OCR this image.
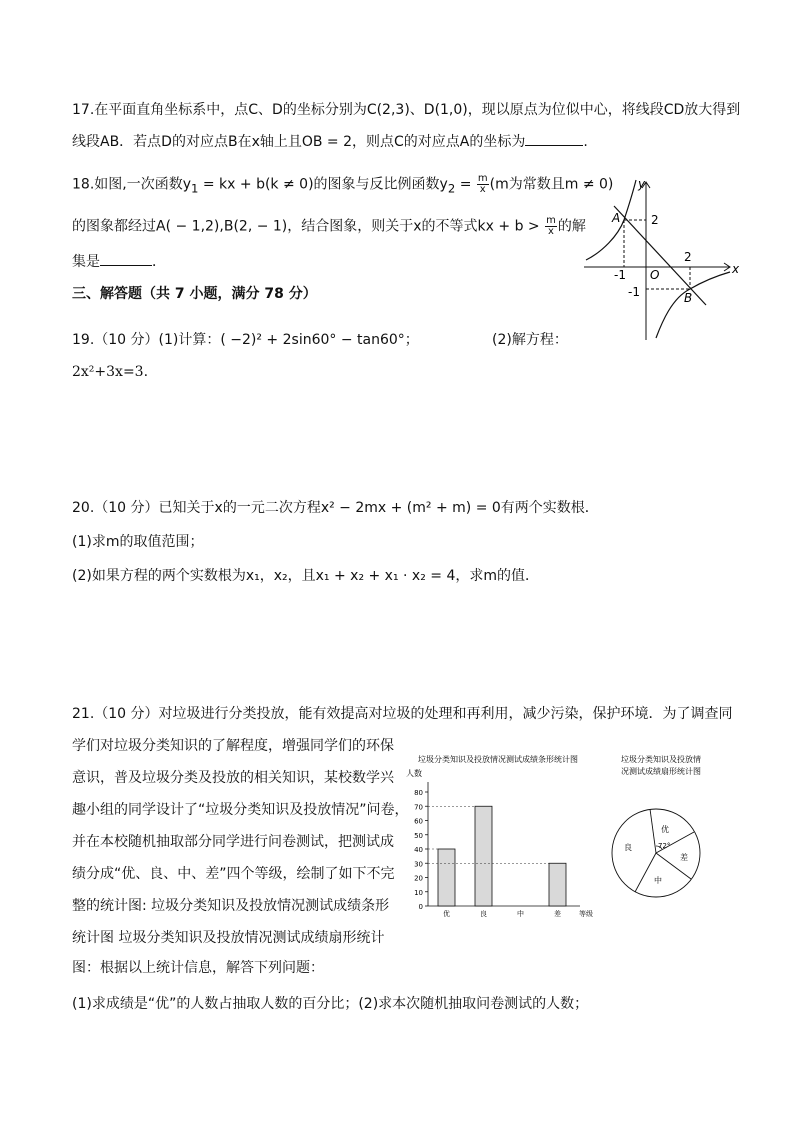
17.在平面直角坐标系中，点C、D的坐标分别为C(2,3)、D(1,0)，现以原点为位似中心，将线段CD放大得到
线段AB．若点D的对应点B在x轴上且OB = 2，则点C的对应点A的坐标为	.
18.如图,一次函数$y_1$ = kx + b(k ≠ 0)的图象与反比例函数$y_2 = \frac{m}{x} (m$为常数且m ≠ 0)
的图象都经过A( − 1,2),B(2, − 1)，结合图象，则关于x的不等式kx + $b > \frac{m}{x}$ 的解
集是	．	x
y
O
2
-1
2
-1
A
B
三、解答题（共 7 小题，满分 78 分）
19.（10 分）(1)计算：( −2)² + 2sin60° − tan60°；	(2)解方程：
2x²+3x=3.
20.（10 分）已知关于x的一元二次方程x² − 2mx + (m² + m) = 0有两个实数根．
(1)求m的取值范围；
(2)如果方程的两个实数根为x₁，x₂，且x₁ + x₂ + x₁ · x₂ = 4，求m的值．
21.（10 分）对垃圾进行分类投放，能有效提高对垃圾的处理和再利用，减少污染，保护环境．为了调查同
学们对垃圾分类知识的了解程度，增强同学们的环保
意识，普及垃圾分类及投放的相关知识，某校数学兴
趣小组的同学设计了“垃圾分类知识及投放情况”问卷，
并在本校随机抽取部分同学进行问卷测试，把测试成
绩分成“优、良、中、差”四个等级，绘制了如下不完
整的统计图: 垃圾分类知识及投放情况测试成绩条形
统计图 垃圾分类知识及投放情况测试成绩扇形统计
图：根据以上统计信息，解答下列问题：
(1)求成绩是“优”的人数占抽取人数的百分比；(2)求本次随机抽取问卷测试的人数；
垃圾分类知识及投放情况测试成绩条形统计图
人数
0
10
20
30
40
50
60
70
80
优	良	中	差	等级
垃圾分类知识及投放情
况测试成绩扇形统计图
优
72°
差
中
良
